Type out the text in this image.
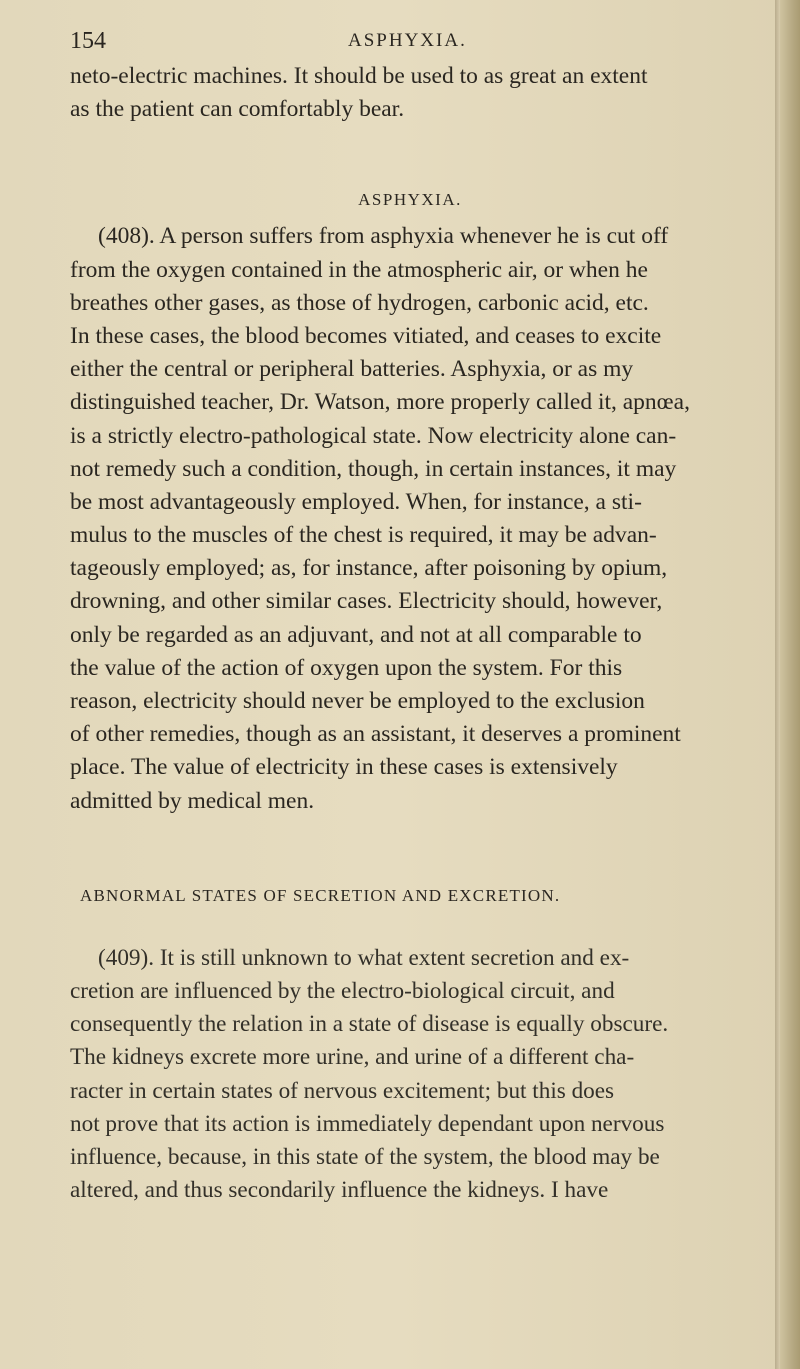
154	ASPHYXIA.
neto-electric machines. It should be used to as great an extent
as the patient can comfortably bear.
ASPHYXIA.
(408). A person suffers from asphyxia whenever he is cut off
from the oxygen contained in the atmospheric air, or when he
breathes other gases, as those of hydrogen, carbonic acid, etc.
In these cases, the blood becomes vitiated, and ceases to excite
either the central or peripheral batteries. Asphyxia, or as my
distinguished teacher, Dr. Watson, more properly called it, apnœa,
is a strictly electro-pathological state. Now electricity alone can-
not remedy such a condition, though, in certain instances, it may
be most advantageously employed. When, for instance, a sti-
mulus to the muscles of the chest is required, it may be advan-
tageously employed; as, for instance, after poisoning by opium,
drowning, and other similar cases. Electricity should, however,
only be regarded as an adjuvant, and not at all comparable to
the value of the action of oxygen upon the system. For this
reason, electricity should never be employed to the exclusion
of other remedies, though as an assistant, it deserves a prominent
place. The value of electricity in these cases is extensively
admitted by medical men.
ABNORMAL STATES OF SECRETION AND EXCRETION.
(409). It is still unknown to what extent secretion and ex-
cretion are influenced by the electro-biological circuit, and
consequently the relation in a state of disease is equally obscure.
The kidneys excrete more urine, and urine of a different cha-
racter in certain states of nervous excitement; but this does
not prove that its action is immediately dependant upon nervous
influence, because, in this state of the system, the blood may be
altered, and thus secondarily influence the kidneys. I have
